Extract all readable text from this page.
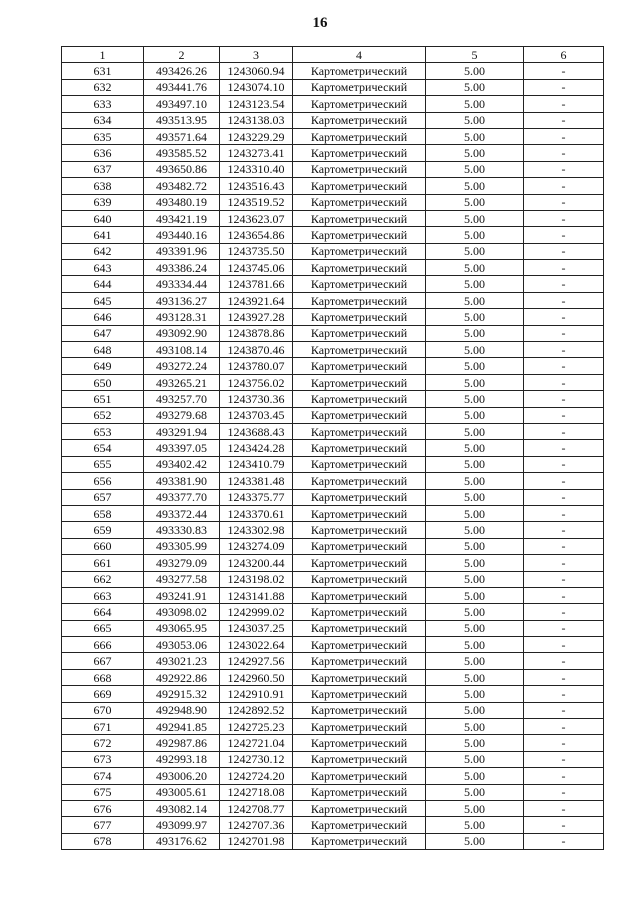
16
1	2	3	4	5	6
631	493426.26	1243060.94	Картометрический	5.00	-
632	493441.76	1243074.10	Картометрический	5.00	-
633	493497.10	1243123.54	Картометрический	5.00	-
634	493513.95	1243138.03	Картометрический	5.00	-
635	493571.64	1243229.29	Картометрический	5.00	-
636	493585.52	1243273.41	Картометрический	5.00	-
637	493650.86	1243310.40	Картометрический	5.00	-
638	493482.72	1243516.43	Картометрический	5.00	-
639	493480.19	1243519.52	Картометрический	5.00	-
640	493421.19	1243623.07	Картометрический	5.00	-
641	493440.16	1243654.86	Картометрический	5.00	-
642	493391.96	1243735.50	Картометрический	5.00	-
643	493386.24	1243745.06	Картометрический	5.00	-
644	493334.44	1243781.66	Картометрический	5.00	-
645	493136.27	1243921.64	Картометрический	5.00	-
646	493128.31	1243927.28	Картометрический	5.00	-
647	493092.90	1243878.86	Картометрический	5.00	-
648	493108.14	1243870.46	Картометрический	5.00	-
649	493272.24	1243780.07	Картометрический	5.00	-
650	493265.21	1243756.02	Картометрический	5.00	-
651	493257.70	1243730.36	Картометрический	5.00	-
652	493279.68	1243703.45	Картометрический	5.00	-
653	493291.94	1243688.43	Картометрический	5.00	-
654	493397.05	1243424.28	Картометрический	5.00	-
655	493402.42	1243410.79	Картометрический	5.00	-
656	493381.90	1243381.48	Картометрический	5.00	-
657	493377.70	1243375.77	Картометрический	5.00	-
658	493372.44	1243370.61	Картометрический	5.00	-
659	493330.83	1243302.98	Картометрический	5.00	-
660	493305.99	1243274.09	Картометрический	5.00	-
661	493279.09	1243200.44	Картометрический	5.00	-
662	493277.58	1243198.02	Картометрический	5.00	-
663	493241.91	1243141.88	Картометрический	5.00	-
664	493098.02	1242999.02	Картометрический	5.00	-
665	493065.95	1243037.25	Картометрический	5.00	-
666	493053.06	1243022.64	Картометрический	5.00	-
667	493021.23	1242927.56	Картометрический	5.00	-
668	492922.86	1242960.50	Картометрический	5.00	-
669	492915.32	1242910.91	Картометрический	5.00	-
670	492948.90	1242892.52	Картометрический	5.00	-
671	492941.85	1242725.23	Картометрический	5.00	-
672	492987.86	1242721.04	Картометрический	5.00	-
673	492993.18	1242730.12	Картометрический	5.00	-
674	493006.20	1242724.20	Картометрический	5.00	-
675	493005.61	1242718.08	Картометрический	5.00	-
676	493082.14	1242708.77	Картометрический	5.00	-
677	493099.97	1242707.36	Картометрический	5.00	-
678	493176.62	1242701.98	Картометрический	5.00	-
